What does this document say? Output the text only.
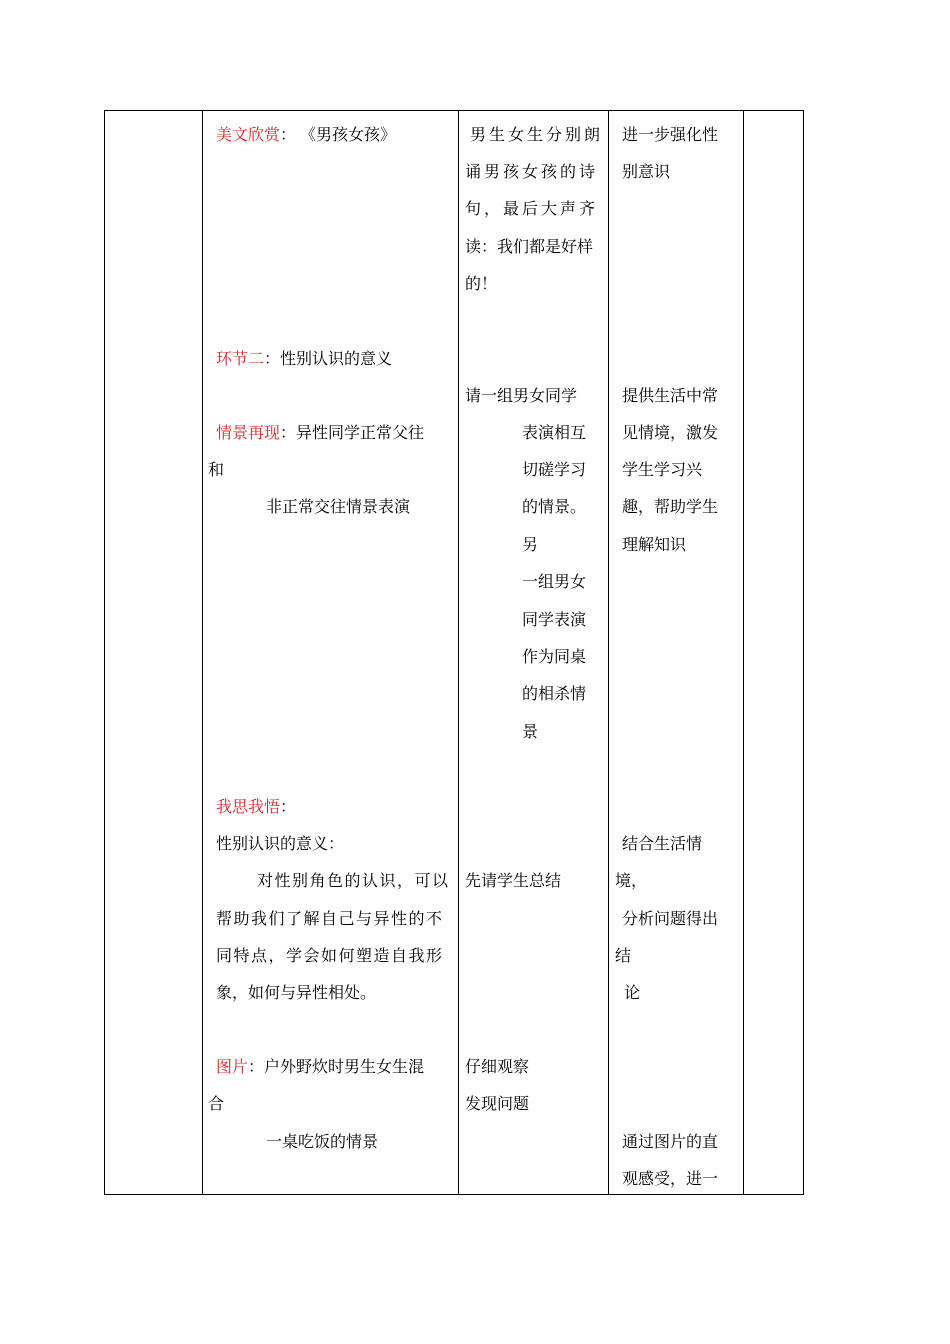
美文欣赏： 《男孩女孩》
环节二：性别认识的意义
情景再现：异性同学正常父往
和
非正常交往情景表演
我思我悟：
性别认识的意义：
对性别角色的认识，可以
帮助我们了解自己与异性的不
同特点，学会如何塑造自我形
象，如何与异性相处。
图片：户外野炊时男生女生混
合
一桌吃饭的情景
男生女生分别朗
诵男孩女孩的诗
句，最后大声齐
读：我们都是好样
的！
请一组男女同学
表演相互
切磋学习
的情景。
另
一组男女
同学表演
作为同桌
的相杀情
景
先请学生总结
仔细观察
发现问题
进一步强化性
别意识
提供生活中常
见情境，激发
学生学习兴
趣，帮助学生
理解知识
结合生活情
境，
分析问题得出
结
论
通过图片的直
观感受，进一
